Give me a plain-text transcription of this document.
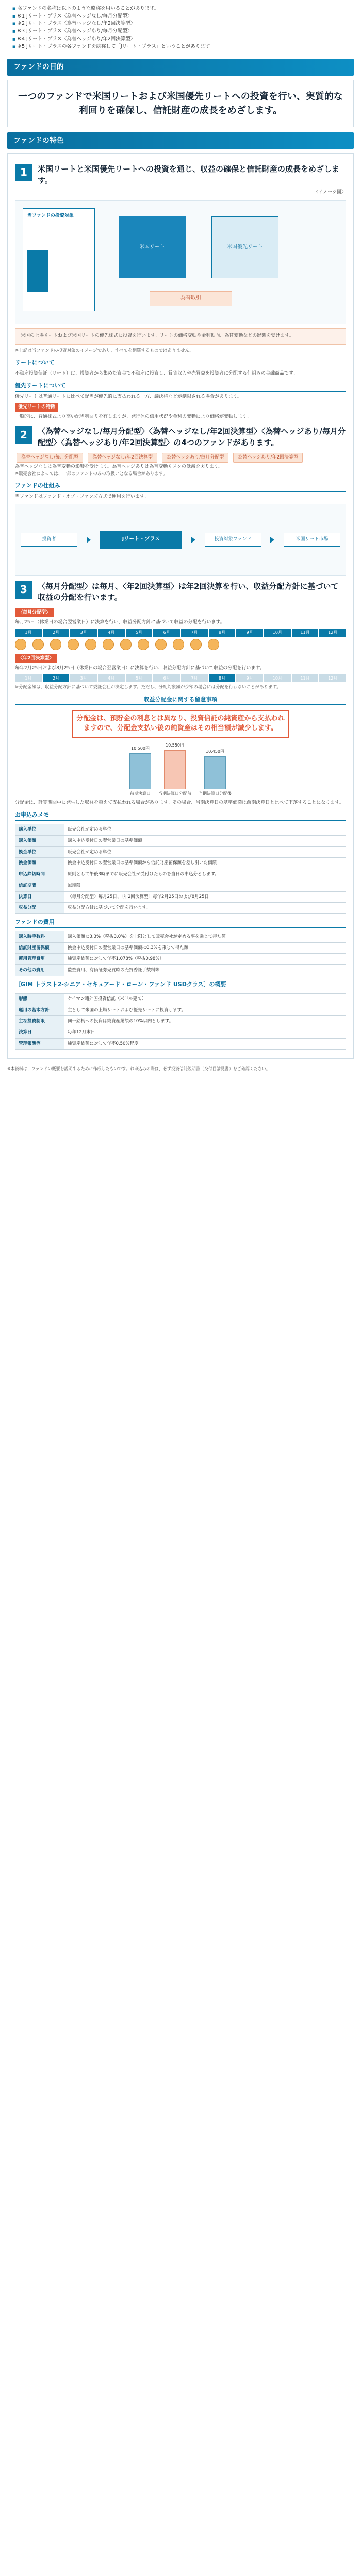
■ 各ファンドの名称は以下のような略称を用いることがあります。
■ ※1 Jリート・プラス〈為替ヘッジなし/毎月分配型〉
■ ※2 Jリート・プラス〈為替ヘッジなし/年2回決算型〉
■ ※3 Jリート・プラス〈為替ヘッジあり/毎月分配型〉
■ ※4 Jリート・プラス〈為替ヘッジあり/年2回決算型〉
■ ※5 Jリート・プラスの各ファンドを総称して「Jリート・プラス」ということがあります。
ファンドの目的
一つのファンドで米国リートおよび米国優先リートへの投資を行い、実質的な利回りを確保し、信託財産の成長をめざします。
ファンドの特色
1	米国リートと米国優先リートへの投資を通じ、収益の確保と信託財産の成長をめざします。
〈イメージ図〉
当ファンドの投資対象
米国リート	米国優先リート
為替取引
米国の上場リートおよび米国リートの優先株式に投資を行います。リートの価格変動や金利動向、為替変動などの影響を受けます。
※上記は当ファンドの投資対象のイメージであり、すべてを網羅するものではありません。
リートについて
不動産投資信託（リート）は、投資者から集めた資金で不動産に投資し、賃貸収入や売買益を投資者に分配する仕組みの金融商品です。
優先リートについて
優先リートは普通リートに比べて配当が優先的に支払われる一方、議決権などが制限される場合があります。
優先リートの特徴
一般的に、普通株式より高い配当利回りを有しますが、発行体の信用状況や金利の変動により価格が変動します。
2	〈為替ヘッジなし/毎月分配型〉〈為替ヘッジなし/年2回決算型〉〈為替ヘッジあり/毎月分配型〉〈為替ヘッジあり/年2回決算型〉の4つのファンドがあります。
為替ヘッジなし/毎月分配型	為替ヘッジなし/年2回決算型	為替ヘッジあり/毎月分配型	為替ヘッジあり/年2回決算型
為替ヘッジなしは為替変動の影響を受けます。為替ヘッジありは為替変動リスクの低減を図ります。
※販売会社によっては、一部のファンドのみの取扱いとなる場合があります。
ファンドの仕組み
当ファンドはファンド・オブ・ファンズ方式で運用を行います。
投資者	Jリート・プラス	投資対象ファンド	米国リート市場
3	〈毎月分配型〉は毎月、〈年2回決算型〉は年2回決算を行い、収益分配方針に基づいて収益の分配を行います。
〈毎月分配型〉
毎月25日（休業日の場合翌営業日）に決算を行い、収益分配方針に基づいて収益の分配を行います。
1月	2月	3月	4月	5月	6月	7月	8月	9月	10月	11月	12月
〈年2回決算型〉
毎年2月25日および8月25日（休業日の場合翌営業日）に決算を行い、収益分配方針に基づいて収益の分配を行います。
1月	2月	3月	4月	5月	6月	7月	8月	9月	10月	11月	12月
※分配金額は、収益分配方針に基づいて委託会社が決定します。ただし、分配対象額が少額の場合には分配を行わないことがあります。
収益分配金に関する留意事項
分配金は、預貯金の利息とは異なり、投資信託の純資産から支払われますので、分配金支払い後の純資産はその相当額が減少します。
10,500円
前期決算日
10,550円
当期決算日分配前
10,450円
当期決算日分配後
分配金は、計算期間中に発生した収益を超えて支払われる場合があります。その場合、当期決算日の基準価額は前期決算日と比べて下落することになります。
お申込みメモ
購入単位	販売会社が定める単位
購入価額	購入申込受付日の翌営業日の基準価額
換金単位	販売会社が定める単位
換金価額	換金申込受付日の翌営業日の基準価額から信託財産留保額を差し引いた価額
申込締切時間	原則として午後3時までに販売会社が受付けたものを当日の申込分とします。
信託期間	無期限
決算日	〈毎月分配型〉毎月25日、〈年2回決算型〉毎年2月25日および8月25日
収益分配	収益分配方針に基づいて分配を行います。
ファンドの費用
購入時手数料	購入価額に3.3%（税抜3.0%）を上限として販売会社が定める率を乗じて得た額
信託財産留保額	換金申込受付日の翌営業日の基準価額に0.3%を乗じて得た額
運用管理費用	純資産総額に対して年率1.078%（税抜0.98%）
その他の費用	監査費用、有価証券売買時の売買委託手数料等
〔GIM トラスト2-シニア・セキュアード・ローン・ファンド USDクラス〕の概要
形態	ケイマン籍外国投資信託（米ドル建て）
運用の基本方針	主として米国の上場リートおよび優先リートに投資します。
主な投資制限	同一銘柄への投資は純資産総額の10%以内とします。
決算日	毎年12月末日
管理報酬等	純資産総額に対して年率0.50%程度
※本資料は、ファンドの概要を説明するために作成したものです。お申込みの際は、必ず投資信託説明書（交付目論見書）をご確認ください。
